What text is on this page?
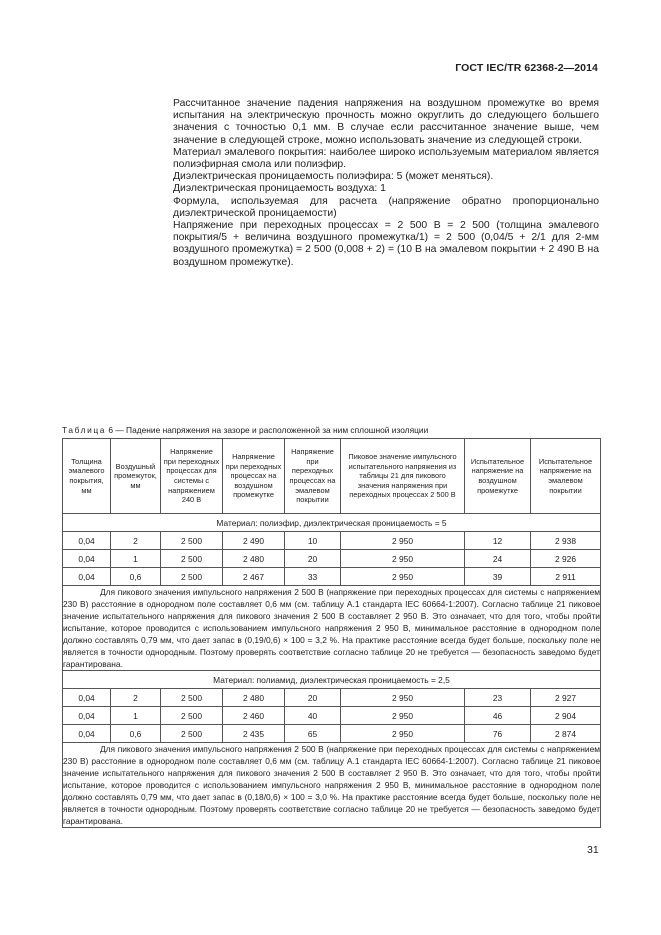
ГОСТ IEC/TR 62368-2—2014

Рассчитанное значение падения напряжения на воздушном промежутке во время испытания на электрическую прочность можно округлить до следующего большего значения с точностью 0,1 мм. В случае если рассчитанное значение выше, чем значение в следующей строке, можно использовать значение из следующей строки.

Материал эмалевого покрытия: наиболее широко используемым материалом является полиэфирная смола или полиэфир.

Диэлектрическая проницаемость полиэфира: 5 (может меняться).

Диэлектрическая проницаемость воздуха: 1

Формула, используемая для расчета (напряжение обратно пропорционально диэлектрической проницаемости)

Напряжение при переходных процессах = 2 500 В = 2 500 (толщина эмалевого покрытия/5 + величина воздушного промежутка/1) = 2 500 (0,04/5 + 2/1 для 2-мм воздушного промежутка) = 2 500 (0,008 + 2) = (10 В на эмалевом покрытии + 2 490 В на воздушном промежутке).

Таблица 6 — Падение напряжения на зазоре и расположенной за ним сплошной изоляции
Толщина эмалевого покрытия, мм	Воздушный промежуток, мм	Напряжение при переходных процессах для системы с напряжением 240 В	Напряжение при переходных процессах на воздушном промежутке	Напряжение при переходных процессах на эмалевом покрытии	Пиковое значение импульсного испытательного напряжения из таблицы 21 для пикового значения напряжения при переходных процессах 2 500 В	Испытательное напряжение на воздушном промежутке	Испытательное напряжение на эмалевом покрытии
Материал: полиэфир, диэлектрическая проницаемость = 5							
0,04	2	2 500	2 490	10	2 950	12	2 938
0,04	1	2 500	2 480	20	2 950	24	2 926
0,04	0,6	2 500	2 467	33	2 950	39	2 911
Для пикового значения импульсного напряжения 2 500 В (напряжение при переходных процессах для системы с напряжением 230 В) расстояние в однородном поле составляет 0,6 мм (см. таблицу А.1 стандарта IEC 60664-1:2007). Согласно таблице 21 пиковое значение испытательного напряжения для пикового значения 2 500 В составляет 2 950 В. Это означает, что для того, чтобы пройти испытание, которое проводится с использованием импульсного напряжения 2 950 В, минимальное расстояние в однородном поле должно составлять 0,79 мм, что дает запас в (0,19/0,6) × 100 = 3,2 %. На практике расстояние всегда будет больше, поскольку поле не является в точности однородным. Поэтому проверять соответствие согласно таблице 20 не требуется — безопасность заведомо будет гарантирована.							
Материал: полиамид, диэлектрическая проницаемость = 2,5							
0,04	2	2 500	2 480	20	2 950	23	2 927
0,04	1	2 500	2 460	40	2 950	46	2 904
0,04	0,6	2 500	2 435	65	2 950	76	2 874
Для пикового значения импульсного напряжения 2 500 В (напряжение при переходных процессах для системы с напряжением 230 В) расстояние в однородном поле составляет 0,6 мм (см. таблицу А.1 стандарта IEC 60664-1:2007). Согласно таблице 21 пиковое значение испытательного напряжения для пикового значения 2 500 В составляет 2 950 В. Это означает, что для того, чтобы пройти испытание, которое проводится с использованием импульсного напряжения 2 950 В, минимальное расстояние в однородном поле должно составлять 0,79 мм, что дает запас в (0,18/0,6) × 100 = 3,0 %. На практике расстояние всегда будет больше, поскольку поле не является в точности однородным. Поэтому проверять соответствие согласно таблице 20 не требуется — безопасность заведомо будет гарантирована.							
31
